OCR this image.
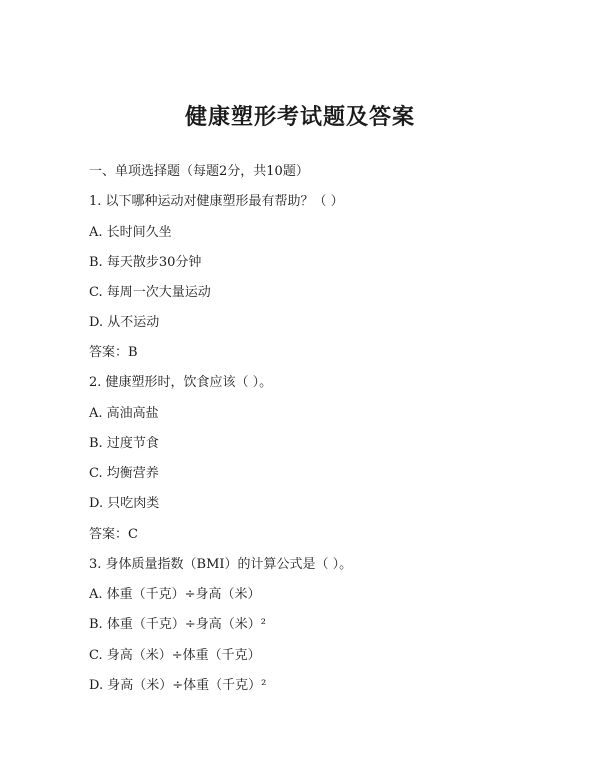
健康塑形考试题及答案
一、单项选择题（每题2分，共10题）
1. 以下哪种运动对健康塑形最有帮助？（ ）
A. 长时间久坐
B. 每天散步30分钟
C. 每周一次大量运动
D. 从不运动
答案：B
2. 健康塑形时，饮食应该（ ）。
A. 高油高盐
B. 过度节食
C. 均衡营养
D. 只吃肉类
答案：C
3. 身体质量指数（BMI）的计算公式是（ ）。
A. 体重（千克）÷身高（米）
B. 体重（千克）÷身高（米）²
C. 身高（米）÷体重（千克）
D. 身高（米）÷体重（千克）²
